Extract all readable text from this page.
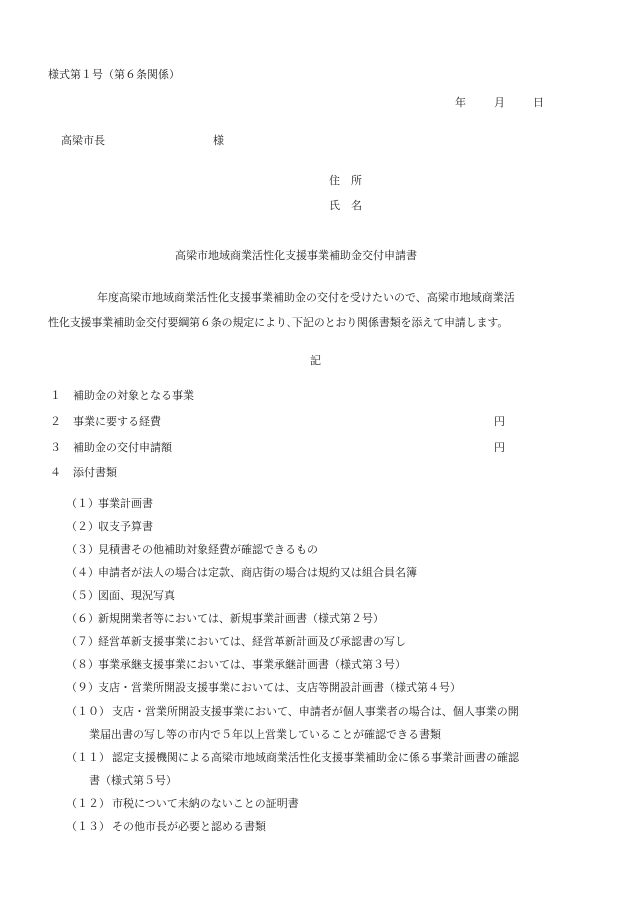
様式第１号（第６条関係）
年	月	日
高梁市長	様
住　所
氏　名
高梁市地域商業活性化支援事業補助金交付申請書
年度高梁市地域商業活性化支援事業補助金の交付を受けたいので、高梁市地域商業活
性化支援事業補助金交付要綱第６条の規定により､下記のとおり関係書類を添えて申請します。
記
１ 補助金の対象となる事業
２ 事業に要する経費	円
３ 補助金の交付申請額	円
４ 添付書類
（１） 事業計画書
（２） 収支予算書
（３） 見積書その他補助対象経費が確認できるもの
（４） 申請者が法人の場合は定款、商店街の場合は規約又は組合員名簿
（５） 図面、現況写真
（６） 新規開業者等においては、新規事業計画書（様式第２号）
（７） 経営革新支援事業においては、経営革新計画及び承認書の写し
（８） 事業承継支援事業においては、事業承継計画書（様式第３号）
（９） 支店・営業所開設支援事業においては、支店等開設計画書（様式第４号）
（１０） 支店・営業所開設支援事業において、申請者が個人事業者の場合は、個人事業の開
業届出書の写し等の市内で５年以上営業していることが確認できる書類
（１１） 認定支援機関による高梁市地域商業活性化支援事業補助金に係る事業計画書の確認
書（様式第５号）
（１２） 市税について未納のないことの証明書
（１３） その他市長が必要と認める書類
